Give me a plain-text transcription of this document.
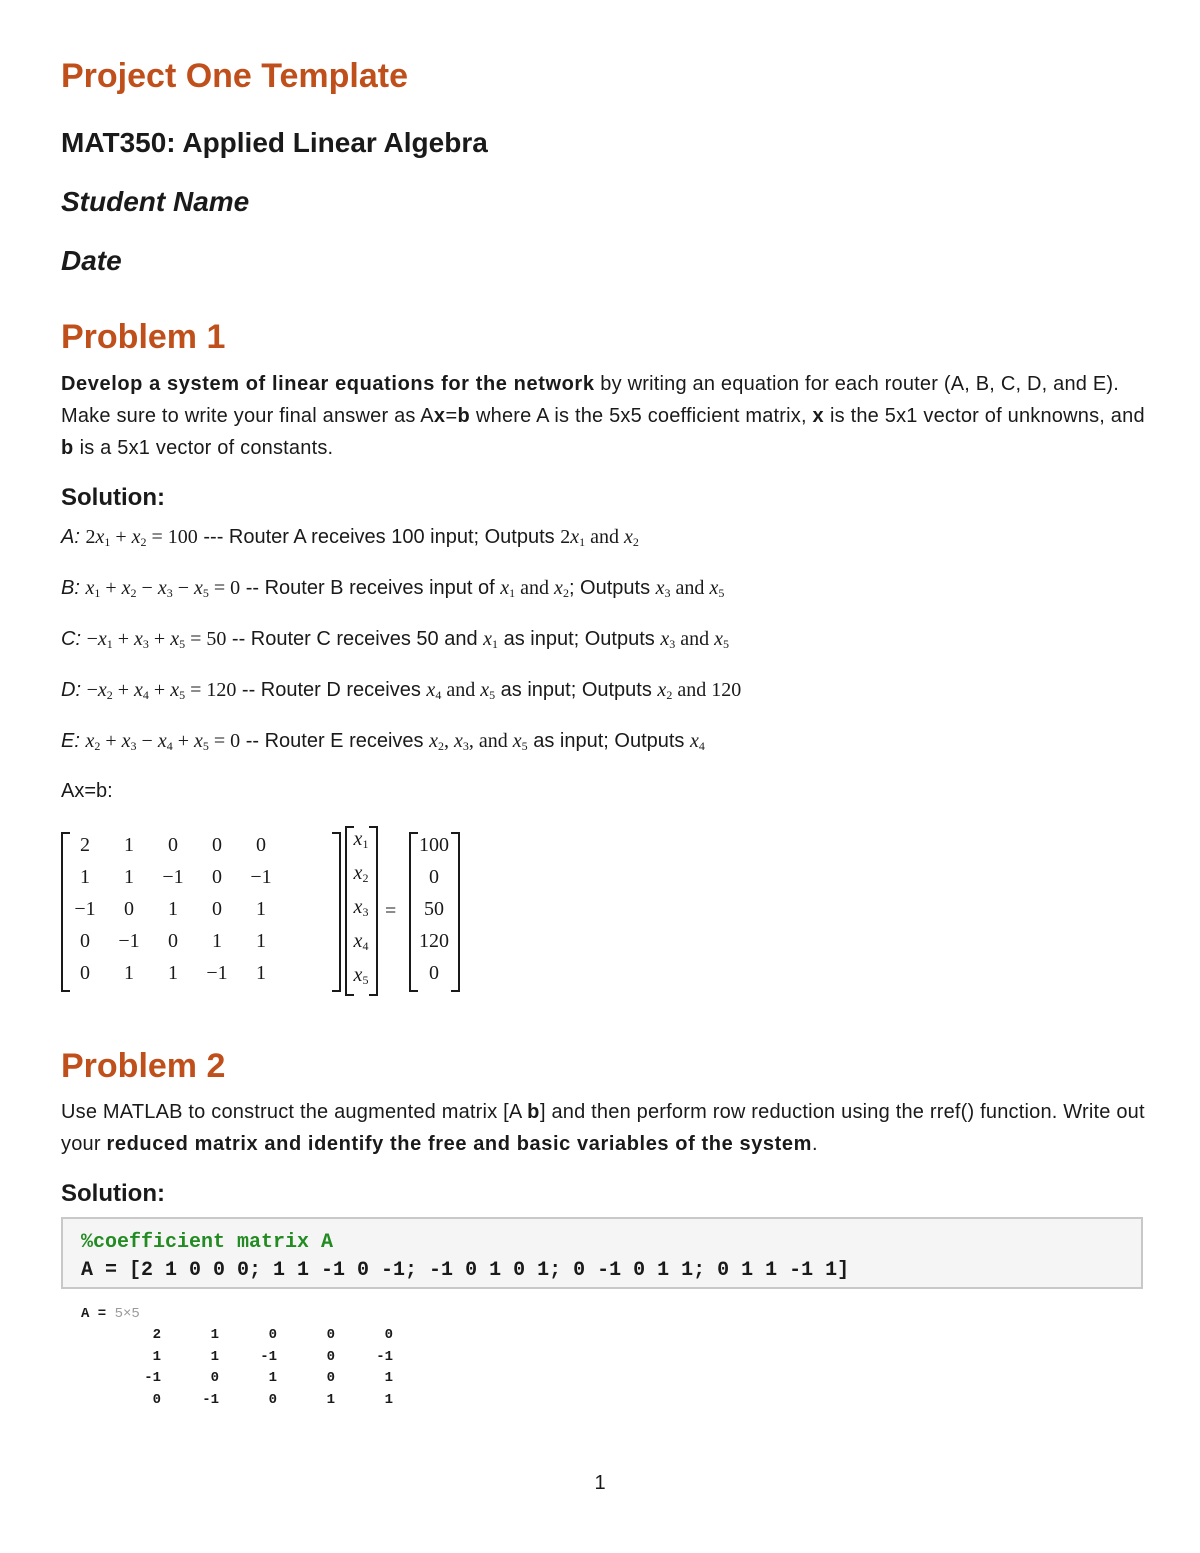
Project One Template
MAT350: Applied Linear Algebra
Student Name
Date
Problem 1
Develop a system of linear equations for the network by writing an equation for each router (A, B, C, D, and E). Make sure to write your final answer as Ax=b where A is the 5x5 coefficient matrix, x is the 5x1 vector of unknowns, and b is a 5x1 vector of constants.
Solution:
A: $2x_1 + x_2 = 100$ --- Router A receives 100 input; Outputs $2x_1$ and $x_2$
B: $x_1 + x_2 - x_3 - x_5 = 0$ -- Router B receives input of $x_1$ and $x_2$; Outputs $x_3$ and $x_5$
C: $-x_1 + x_3 + x_5 = 50$ -- Router C receives 50 and $x_1$ as input; Outputs $x_3$ and $x_5$
D: $-x_2 + x_4 + x_5 = 120$ -- Router D receives $x_4$ and $x_5$ as input; Outputs $x_2$ and 120
E: $x_2 + x_3 - x_4 + x_5 = 0$ -- Router E receives $x_2$, $x_3$, and $x_5$ as input; Outputs $x_4$
Ax=b:
2	1	0	0	0
1	1	−1	0	−1
−1	0	1	0	1
0	−1	0	1	1
0	1	1	−1	1
$x_1$
$x_2$
$x_3$
$x_4$
$x_5$
=
100
0
50
120
0
Problem 2
Use MATLAB to construct the augmented matrix [A b] and then perform row reduction using the rref() function. Write out your reduced matrix and identify the free and basic variables of the system.
Solution:
%coefficient matrix A
A = [2 1 0 0 0; 1 1 -1 0 -1; -1 0 1 0 1; 0 -1 0 1 1; 0 1 1 -1 1]
A = 5×5
2	1	0	0	0
1	1	-1	0	-1
-1	0	1	0	1
0	-1	0	1	1
1
